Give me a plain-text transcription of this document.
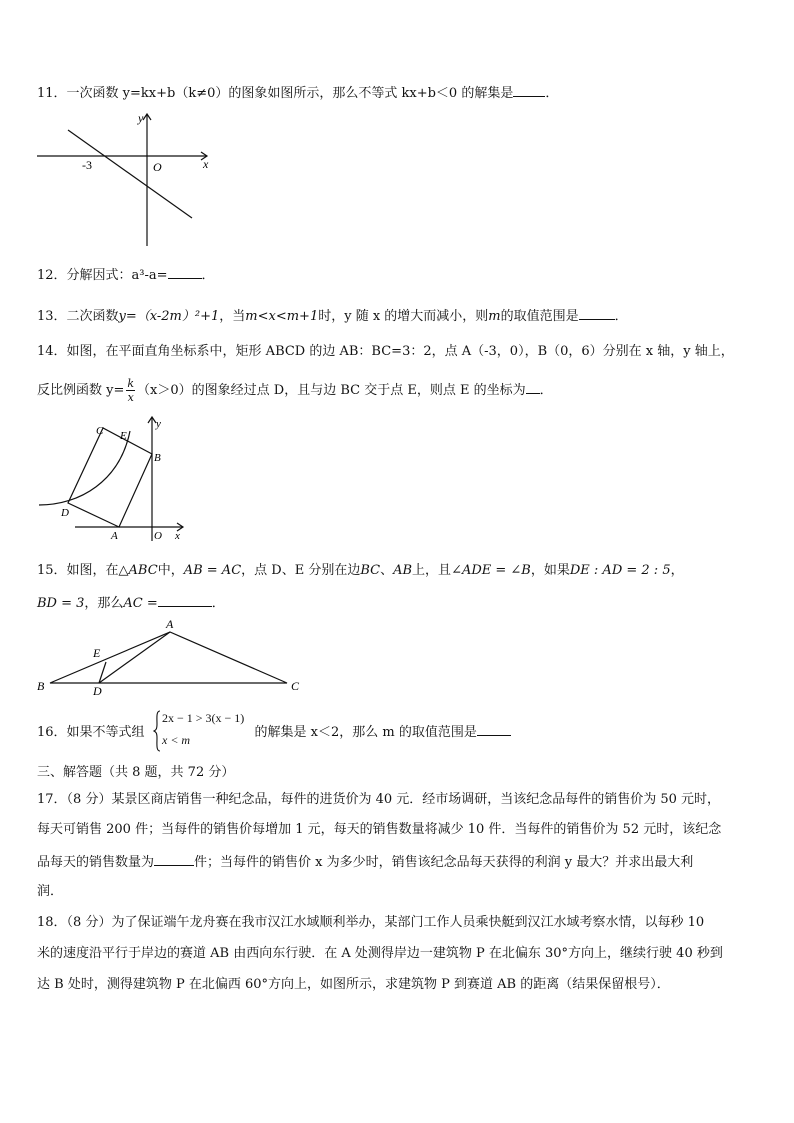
11．一次函数 y=kx+b（k≠0）的图象如图所示，那么不等式 kx+b＜0 的解集是 ．
y
x
O
-3
12．分解因式：a³-a=	．
13．二次函数y=（x-2m）²+1，当m<x<m+1时，y 随 x 的增大而减小，则m的取值范围是	．
14．如图，在平面直角坐标系中，矩形 ABCD 的边 AB：BC=3：2，点 A（-3，0），B（0，6）分别在 x 轴，y 轴上，
反比例函数 $y= \frac{k}{x} (x>0)$的图象经过点 D，且与边 BC 交于点 E，则点 E 的坐标为 ．
C E
B
D
A	O x
y
15．如图，在△ABC中，AB = AC，点 D、E 分别在边BC、AB上，且∠ADE = ∠B，如果DE : AD = 2 : 5，
BD = 3，那么AC =	．
A
E
B	D	C
16．如果不等式组	的解集是 x＜2，那么 m 的取值范围是
2x − 1 > 3(x − 1)
x < m
三、解答题（共 8 题，共 72 分）
17．（8 分）某景区商店销售一种纪念品，每件的进货价为 40 元．经市场调研，当该纪念品每件的销售价为 50 元时，
每天可销售 200 件；当每件的销售价每增加 1 元，每天的销售数量将减少 10 件．当每件的销售价为 52 元时，该纪念
品每天的销售数量为	件；当每件的销售价 x 为多少时，销售该纪念品每天获得的利润 y 最大？并求出最大利
润．
18．（8 分）为了保证端午龙舟赛在我市汉江水域顺利举办，某部门工作人员乘快艇到汉江水域考察水情，以每秒 10
米的速度沿平行于岸边的赛道 AB 由西向东行驶．在 A 处测得岸边一建筑物 P 在北偏东 30°方向上，继续行驶 40 秒到
达 B 处时，测得建筑物 P 在北偏西 60°方向上，如图所示，求建筑物 P 到赛道 AB 的距离（结果保留根号）．
